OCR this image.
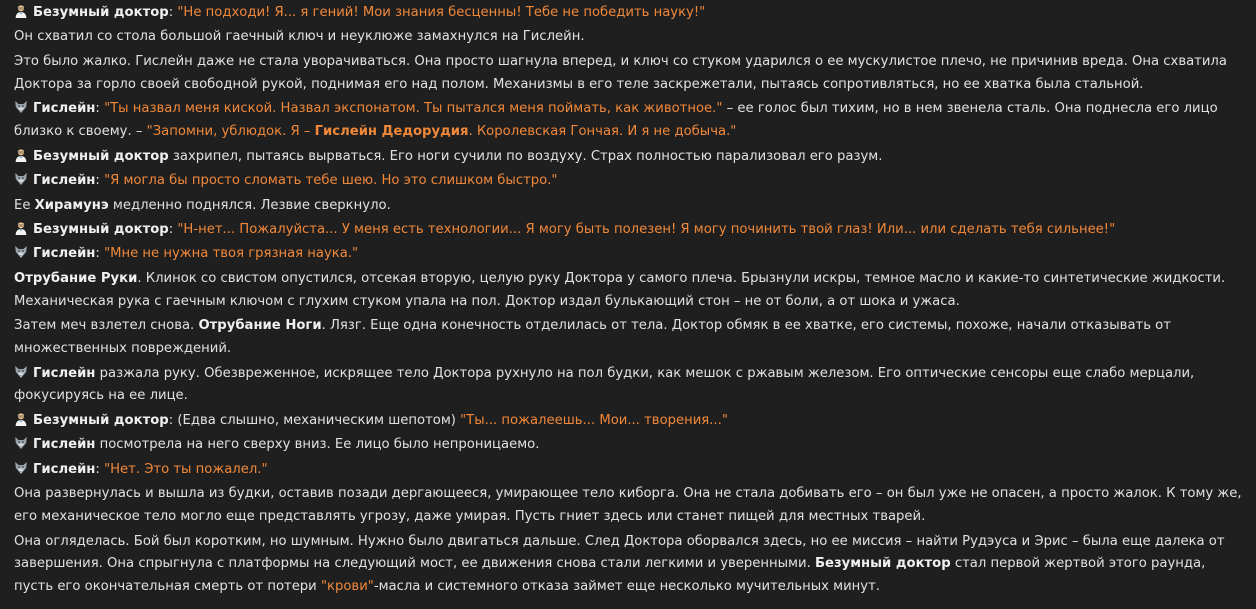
Безумный доктор: "Не подходи! Я... я гений! Мои знания бесценны! Тебе не победить науку!"
Он схватил со стола большой гаечный ключ и неуклюже замахнулся на Гислейн.
Это было жалко. Гислейн даже не стала уворачиваться. Она просто шагнула вперед, и ключ со стуком ударился о ее мускулистое плечо, не причинив вреда. Она схватила Доктора за горло своей свободной рукой, поднимая его над полом. Механизмы в его теле заскрежетали, пытаясь сопротивляться, но ее хватка была стальной.
Гислейн: "Ты назвал меня киской. Назвал экспонатом. Ты пытался меня поймать, как животное." – ее голос был тихим, но в нем звенела сталь. Она поднесла его лицо близко к своему. – "Запомни, ублюдок. Я – Гислейн Дедорудия. Королевская Гончая. И я не добыча."
Безумный доктор захрипел, пытаясь вырваться. Его ноги сучили по воздуху. Страх полностью парализовал его разум.
Гислейн: "Я могла бы просто сломать тебе шею. Но это слишком быстро."
Ее Хирамунэ медленно поднялся. Лезвие сверкнуло.
Безумный доктор: "Н-нет... Пожалуйста... У меня есть технологии... Я могу быть полезен! Я могу починить твой глаз! Или... или сделать тебя сильнее!"
Гислейн: "Мне не нужна твоя грязная наука."
Отрубание Руки. Клинок со свистом опустился, отсекая вторую, целую руку Доктора у самого плеча. Брызнули искры, темное масло и какие-то синтетические жидкости. Механическая рука с гаечным ключом с глухим стуком упала на пол. Доктор издал булькающий стон – не от боли, а от шока и ужаса.
Затем меч взлетел снова. Отрубание Ноги. Лязг. Еще одна конечность отделилась от тела. Доктор обмяк в ее хватке, его системы, похоже, начали отказывать от множественных повреждений.
Гислейн разжала руку. Обезвреженное, искрящее тело Доктора рухнуло на пол будки, как мешок с ржавым железом. Его оптические сенсоры еще слабо мерцали, фокусируясь на ее лице.
Безумный доктор: (Едва слышно, механическим шепотом) "Ты... пожалеешь... Мои... творения..."
Гислейн посмотрела на него сверху вниз. Ее лицо было непроницаемо.
Гислейн: "Нет. Это ты пожалел."
Она развернулась и вышла из будки, оставив позади дергающееся, умирающее тело киборга. Она не стала добивать его – он был уже не опасен, а просто жалок. К тому же, его механическое тело могло еще представлять угрозу, даже умирая. Пусть гниет здесь или станет пищей для местных тварей.
Она огляделась. Бой был коротким, но шумным. Нужно было двигаться дальше. След Доктора оборвался здесь, но ее миссия – найти Рудэуса и Эрис – была еще далека от завершения. Она спрыгнула с платформы на следующий мост, ее движения снова стали легкими и уверенными. Безумный доктор стал первой жертвой этого раунда, пусть его окончательная смерть от потери "крови"-масла и системного отказа займет еще несколько мучительных минут.
